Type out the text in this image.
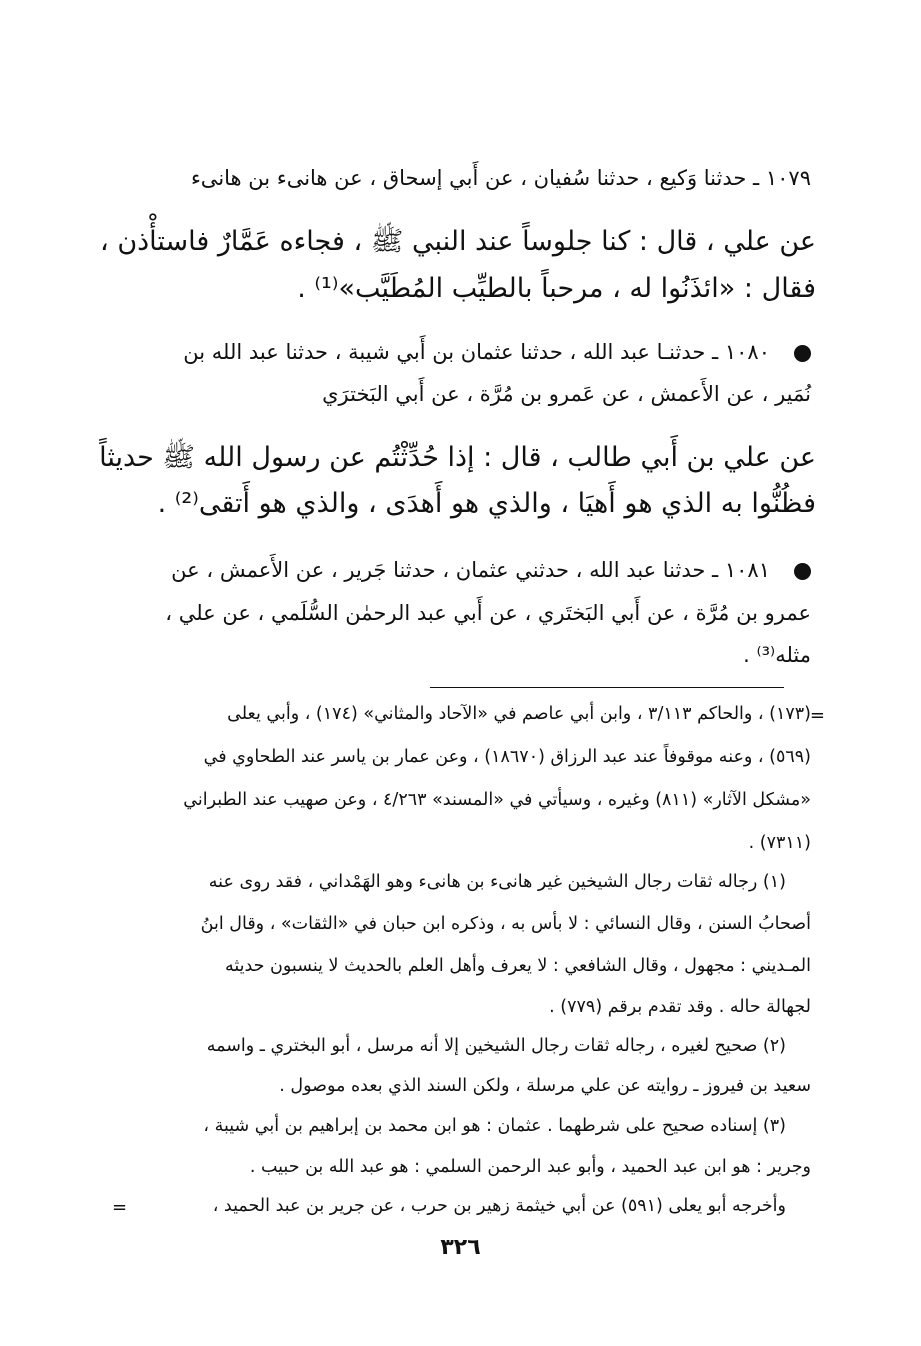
١٠٧٩ ـ حدثنا وَكيع ، حدثنا سُفيان ، عن أَبي إسحاق ، عن هانىء بن هانىء
عن علي ، قال : كنا جلوساً عند النبي ﷺ ، فجاءه عَمَّارٌ فاستأْذن ،
فقال : «ائذَنُوا له ، مرحباً بالطيِّب المُطَيَّب»⁽¹⁾ .
١٠٨٠ ـ حدثنـا عبد الله ، حدثنا عثمان بن أَبي شيبة ، حدثنا عبد الله بن
نُمَير ، عن الأَعمش ، عن عَمرو بن مُرَّة ، عن أَبي البَخترَي
عن علي بن أَبي طالب ، قال : إذا حُدِّثْتُم عن رسول الله ﷺ حديثاً
فظُنُّوا به الذي هو أَهيَا ، والذي هو أَهدَى ، والذي هو أَتقى⁽²⁾ .
١٠٨١ ـ حدثنا عبد الله ، حدثني عثمان ، حدثنا جَرير ، عن الأَعمش ، عن
عمرو بن مُرَّة ، عن أَبي البَختَري ، عن أَبي عبد الرحمٰن السُّلَمي ، عن علي ،
مثله⁽³⁾ .
=
(١٧٣) ، والحاكم ٣/١١٣ ، وابن أبي عاصم في «الآحاد والمثاني» (١٧٤) ، وأبي يعلى
(٥٦٩) ، وعنه موقوفاً عند عبد الرزاق (١٨٦٧٠) ، وعن عمار بن ياسر عند الطحاوي في
«مشكل الآثار» (٨١١) وغيره ، وسيأتي في «المسند» ٤/٢٦٣ ، وعن صهيب عند الطبراني
(٧٣١١) .
(١) رجاله ثقات رجال الشيخين غير هانىء بن هانىء وهو الهَمْداني ، فقد روى عنه
أصحابُ السنن ، وقال النسائي : لا بأس به ، وذكره ابن حبان في «الثقات» ، وقال ابنُ
المـديني : مجهول ، وقال الشافعي : لا يعرف وأهل العلم بالحديث لا ينسبون حديثه
لجهالة حاله . وقد تقدم برقم (٧٧٩) .
(٢) صحيح لغيره ، رجاله ثقات رجال الشيخين إلا أنه مرسل ، أبو البختري ـ واسمه
سعيد بن فيروز ـ روايته عن علي مرسلة ، ولكن السند الذي بعده موصول .
(٣) إسناده صحيح على شرطهما . عثمان : هو ابن محمد بن إبراهيم بن أبي شيبة ،
وجرير : هو ابن عبد الحميد ، وأبو عبد الرحمن السلمي : هو عبد الله بن حبيب .
وأخرجه أبو يعلى (٥٩١) عن أبي خيثمة زهير بن حرب ، عن جرير بن عبد الحميد ،
=
٣٢٦
